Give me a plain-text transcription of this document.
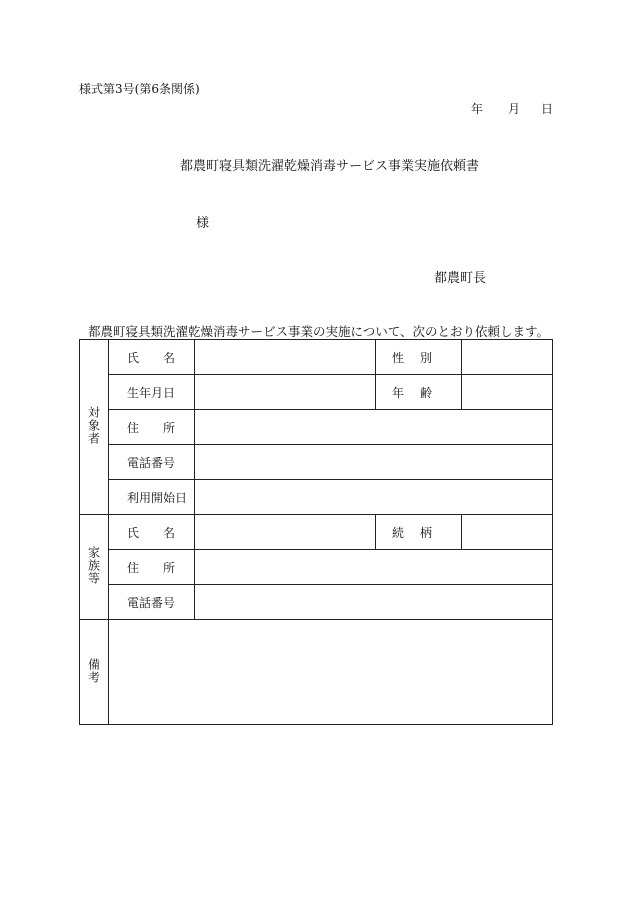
様式第3号(第6条関係)
年 月 日
都農町寝具類洗濯乾燥消毒サービス事業実施依頼書
様
都農町長
都農町寝具類洗濯乾燥消毒サービス事業の実施について、次のとおり依頼します。
対象者	氏 名		性 別	

	生年月日		年 齢	

	住 所			

	電話番号			
	利用開始日			
家族等	氏 名		続 柄	

	住 所			

	電話番号			
備考				
